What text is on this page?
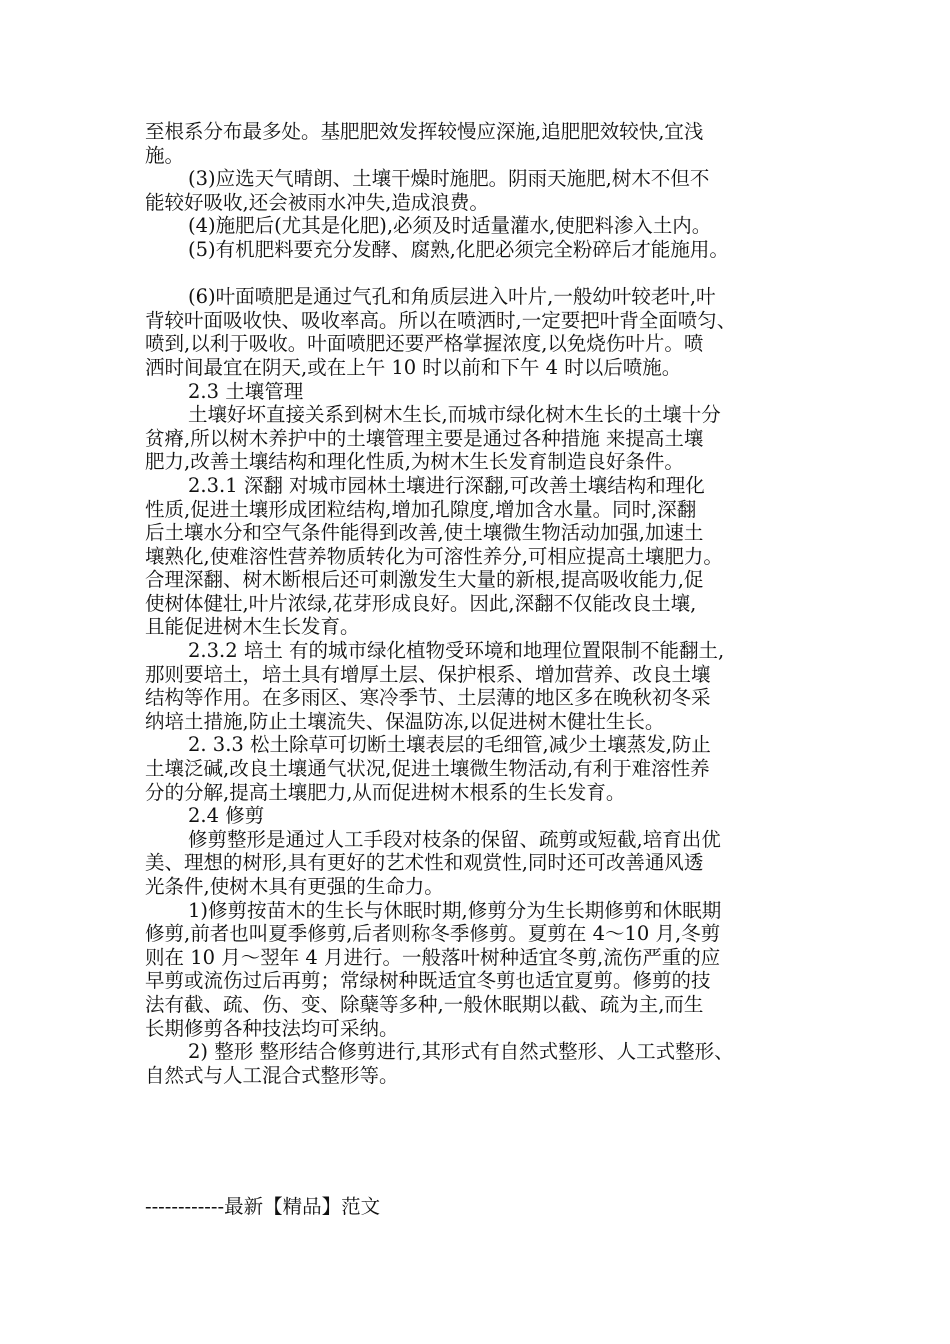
至根系分布最多处。基肥肥效发挥较慢应深施,追肥肥效较快,宜浅

施。

(3)应选天气晴朗、土壤干燥时施肥。阴雨天施肥,树木不但不

能较好吸收,还会被雨水冲失,造成浪费。

(4)施肥后(尤其是化肥),必须及时适量灌水,使肥料渗入土内。

(5)有机肥料要充分发酵、腐熟,化肥必须完全粉碎后才能施用。

(6)叶面喷肥是通过气孔和角质层进入叶片,一般幼叶较老叶,叶

背较叶面吸收快、吸收率高。所以在喷洒时,一定要把叶背全面喷匀、

喷到,以利于吸收。叶面喷肥还要严格掌握浓度,以免烧伤叶片。喷

洒时间最宜在阴天,或在上午 10 时以前和下午 4 时以后喷施。

2.3 土壤管理

土壤好坏直接关系到树木生长,而城市绿化树木生长的土壤十分

贫瘠,所以树木养护中的土壤管理主要是通过各种措施 来提高土壤

肥力,改善土壤结构和理化性质,为树木生长发育制造良好条件。

2.3.1 深翻 对城市园林土壤进行深翻,可改善土壤结构和理化

性质,促进土壤形成团粒结构,增加孔隙度,增加含水量。同时,深翻

后土壤水分和空气条件能得到改善,使土壤微生物活动加强,加速土

壤熟化,使难溶性营养物质转化为可溶性养分,可相应提高土壤肥力。

合理深翻、树木断根后还可刺激发生大量的新根,提高吸收能力,促

使树体健壮,叶片浓绿,花芽形成良好。因此,深翻不仅能改良土壤,

且能促进树木生长发育。

2.3.2 培土 有的城市绿化植物受环境和地理位置限制不能翻土,

那则要培土，培土具有增厚土层、保护根系、增加营养、改良土壤

结构等作用。在多雨区、寒冷季节、土层薄的地区多在晚秋初冬采

纳培土措施,防止土壤流失、保温防冻,以促进树木健壮生长。

2. 3.3 松土除草可切断土壤表层的毛细管,减少土壤蒸发,防止

土壤泛碱,改良土壤通气状况,促进土壤微生物活动,有利于难溶性养

分的分解,提高土壤肥力,从而促进树木根系的生长发育。

2.4 修剪

修剪整形是通过人工手段对枝条的保留、疏剪或短截,培育出优

美、理想的树形,具有更好的艺术性和观赏性,同时还可改善通风透

光条件,使树木具有更强的生命力。

1)修剪按苗木的生长与休眠时期,修剪分为生长期修剪和休眠期

修剪,前者也叫夏季修剪,后者则称冬季修剪。夏剪在 4～10 月,冬剪

则在 10 月～翌年 4 月进行。一般落叶树种适宜冬剪,流伤严重的应

早剪或流伤过后再剪；常绿树种既适宜冬剪也适宜夏剪。修剪的技

法有截、疏、伤、变、除蘖等多种,一般休眠期以截、疏为主,而生

长期修剪各种技法均可采纳。

2) 整形 整形结合修剪进行,其形式有自然式整形、人工式整形、

自然式与人工混合式整形等。

------------最新【精品】范文
